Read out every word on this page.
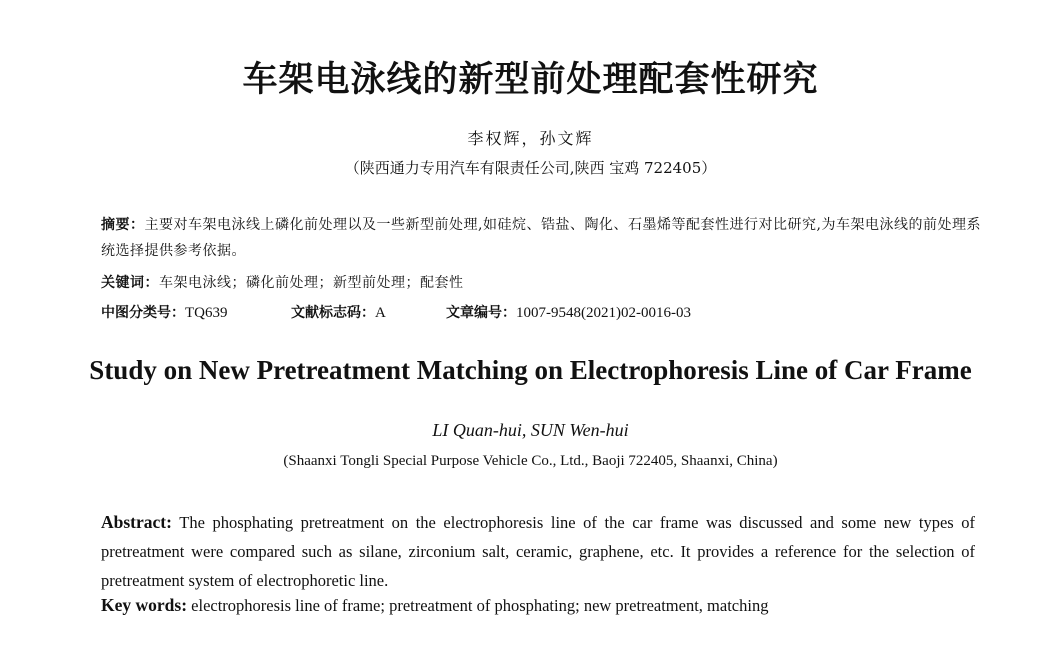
车架电泳线的新型前处理配套性研究
李权辉，孙文辉
（陕西通力专用汽车有限责任公司,陕西 宝鸡 722405）
摘要：主要对车架电泳线上磷化前处理以及一些新型前处理,如硅烷、锆盐、陶化、石墨烯等配套性进行对比研究,为车架电泳线的前处理系统选择提供参考依据。
关键词：车架电泳线；磷化前处理；新型前处理；配套性
中图分类号：TQ639	文献标志码：A	文章编号：1007-9548(2021)02-0016-03
Study on New Pretreatment Matching on Electrophoresis Line of Car Frame
LI Quan-hui, SUN Wen-hui
(Shaanxi Tongli Special Purpose Vehicle Co., Ltd., Baoji 722405, Shaanxi, China)
Abstract: The phosphating pretreatment on the electrophoresis line of the car frame was discussed and some new types of pretreatment were compared such as silane, zirconium salt, ceramic, graphene, etc. It provides a reference for the selection of pretreatment system of electrophoretic line.
Key words: electrophoresis line of frame; pretreatment of phosphating; new pretreatment, matching
